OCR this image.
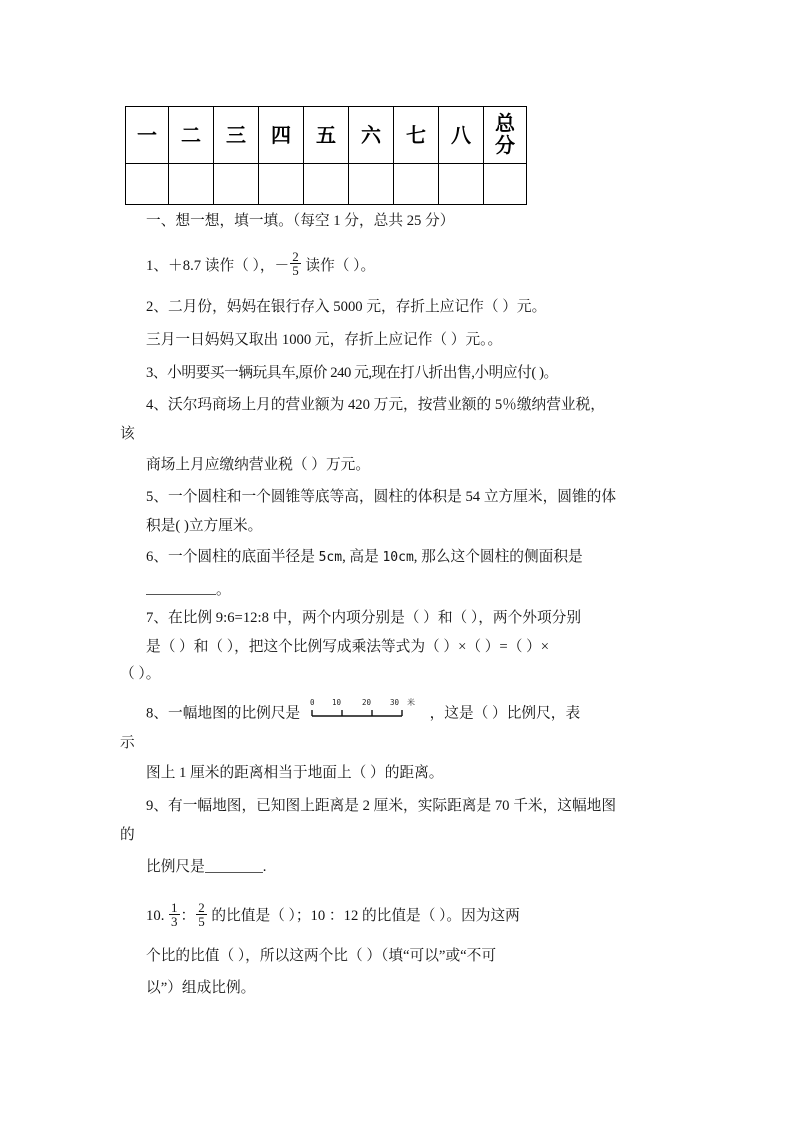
一	二	三	四	五	六	七	八	总分

一、想一想，填一填。（每空 1 分，总共 25 分）

1、＋8.7 读作（ ），－ $\frac{2}{5}$ 读作（ ）。

2、二月份，妈妈在银行存入 5000 元，存折上应记作（ ）元。

三月一日妈妈又取出 1000 元，存折上应记作（ ）元。。

3、小明要买一辆玩具车,原价 240 元,现在打八折出售,小明应付( )。

4、沃尔玛商场上月的营业额为 420 万元，按营业额的 5％缴纳营业税，

该

商场上月应缴纳营业税（ ）万元。

5、一个圆柱和一个圆锥等底等高，圆柱的体积是 54 立方厘米，圆锥的体

积是( )立方厘米。

6、一个圆柱的底面半径是 5cm, 高是 10cm, 那么这个圆柱的侧面积是

。

7、在比例 9:6=12:8 中，两个内项分别是（ ）和（ ），两个外项分别

是（ ）和（ ），把这个比例写成乘法等式为（ ）×（ ）=（ ）×

（ ）。

8、一幅地图的比例尺是
0 10	20	30 米
，这是（ ）比例尺，表

示

图上 1 厘米的距离相当于地面上（ ）的距离。

9、有一幅地图，已知图上距离是 2 厘米，实际距离是 70 千米，这幅地图

的

比例尺是	.

10. $\frac{1}{3}$ ： $\frac{2}{5}$ 的比值是（ ）；10 ：12 的比值是（ ）。因为这两

个比的比值（ ），所以这两个比（ ）（填“可以”或“不可

以”）组成比例。
